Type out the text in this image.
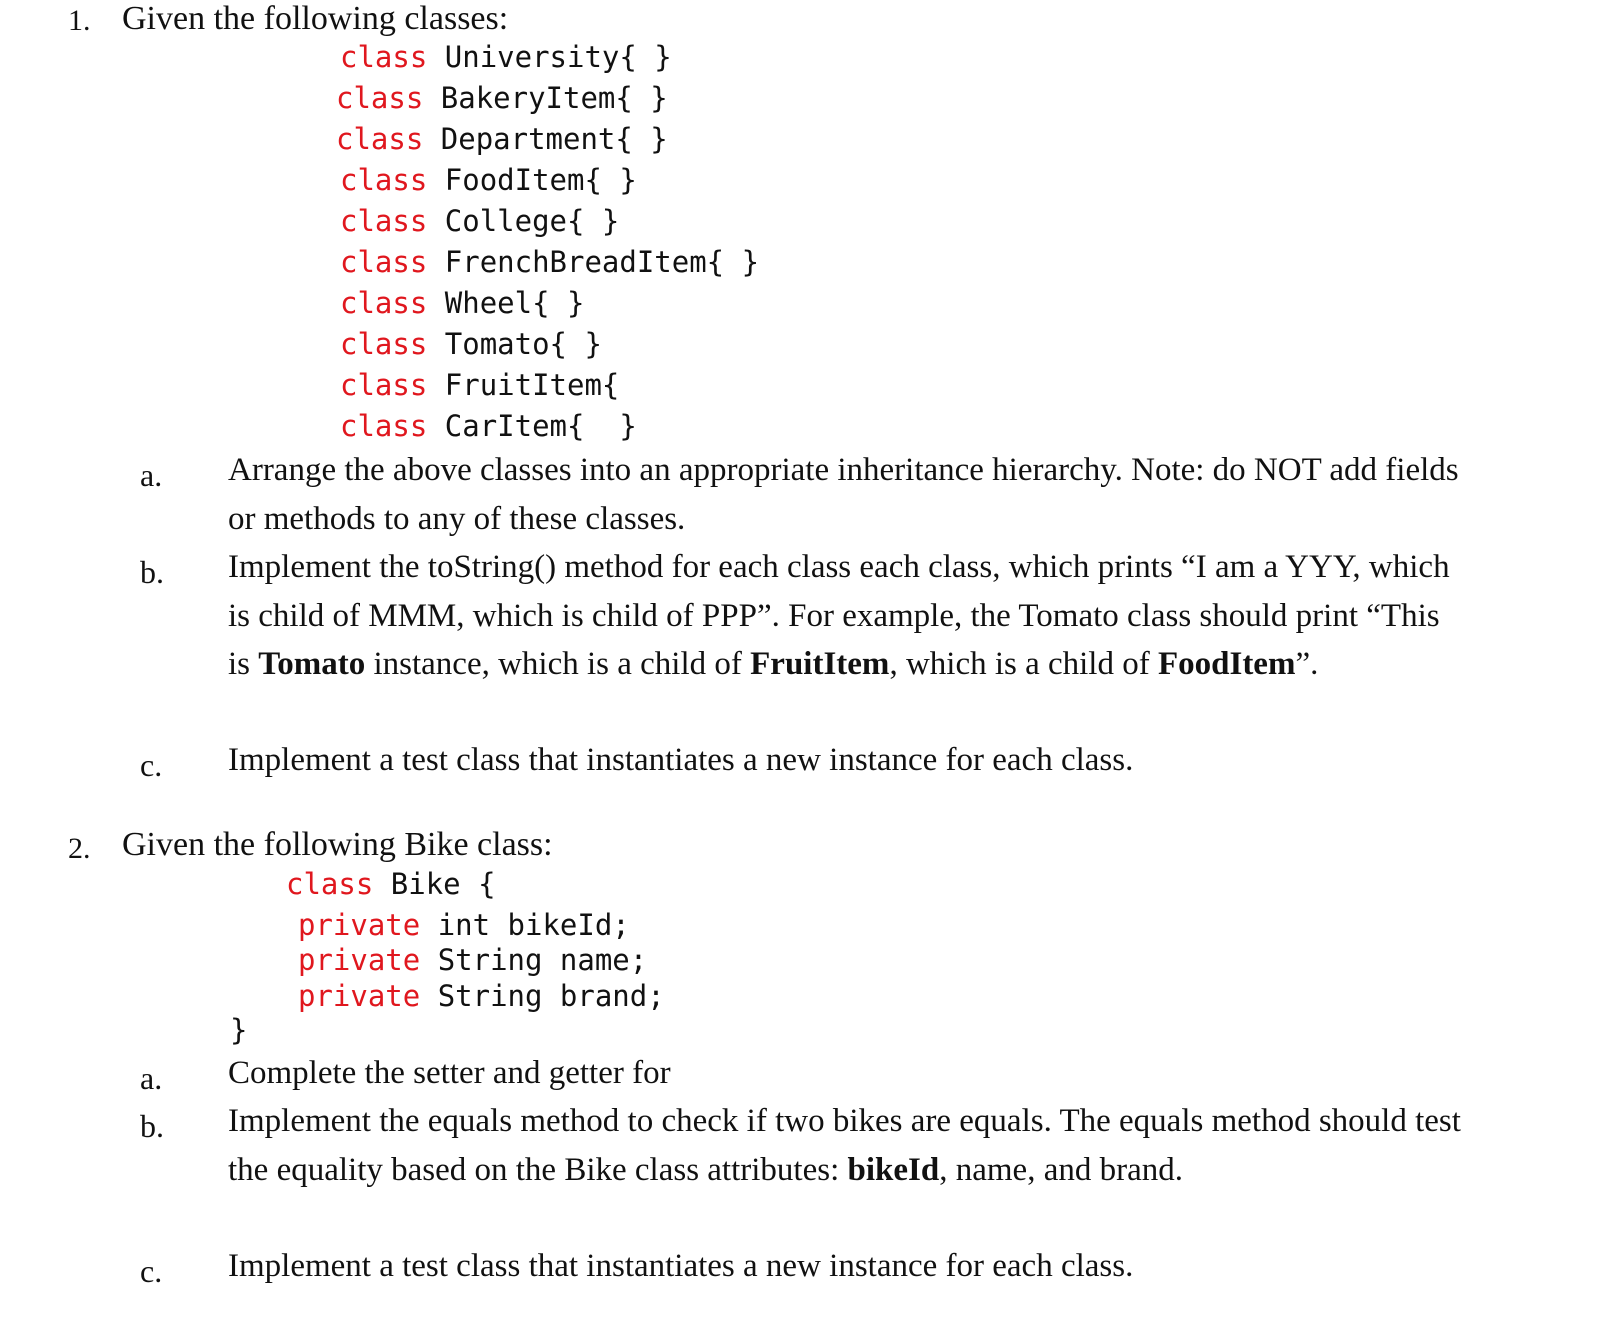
1. Given the following classes:
class University{ }
class BakeryItem{ }
class Department{ }
class FoodItem{ }
class College{ }
class FrenchBreadItem{ }
class Wheel{ }
class Tomato{ }
class FruitItem{
class CarItem{  }
a. Arrange the above classes into an appropriate inheritance hierarchy. Note: do NOT add fields or methods to any of these classes.
b. Implement the toString() method for each class each class, which prints “I am a YYY, which is child of MMM, which is child of PPP”. For example, the Tomato class should print “This is Tomato instance, which is a child of FruitItem, which is a child of FoodItem”.
c. Implement a test class that instantiates a new instance for each class.
2. Given the following Bike class:
class Bike {
private int bikeId;
private String name;
private String brand;
}
a. Complete the setter and getter for
b. Implement the equals method to check if two bikes are equals. The equals method should test the equality based on the Bike class attributes: bikeId, name, and brand.
c. Implement a test class that instantiates a new instance for each class.
